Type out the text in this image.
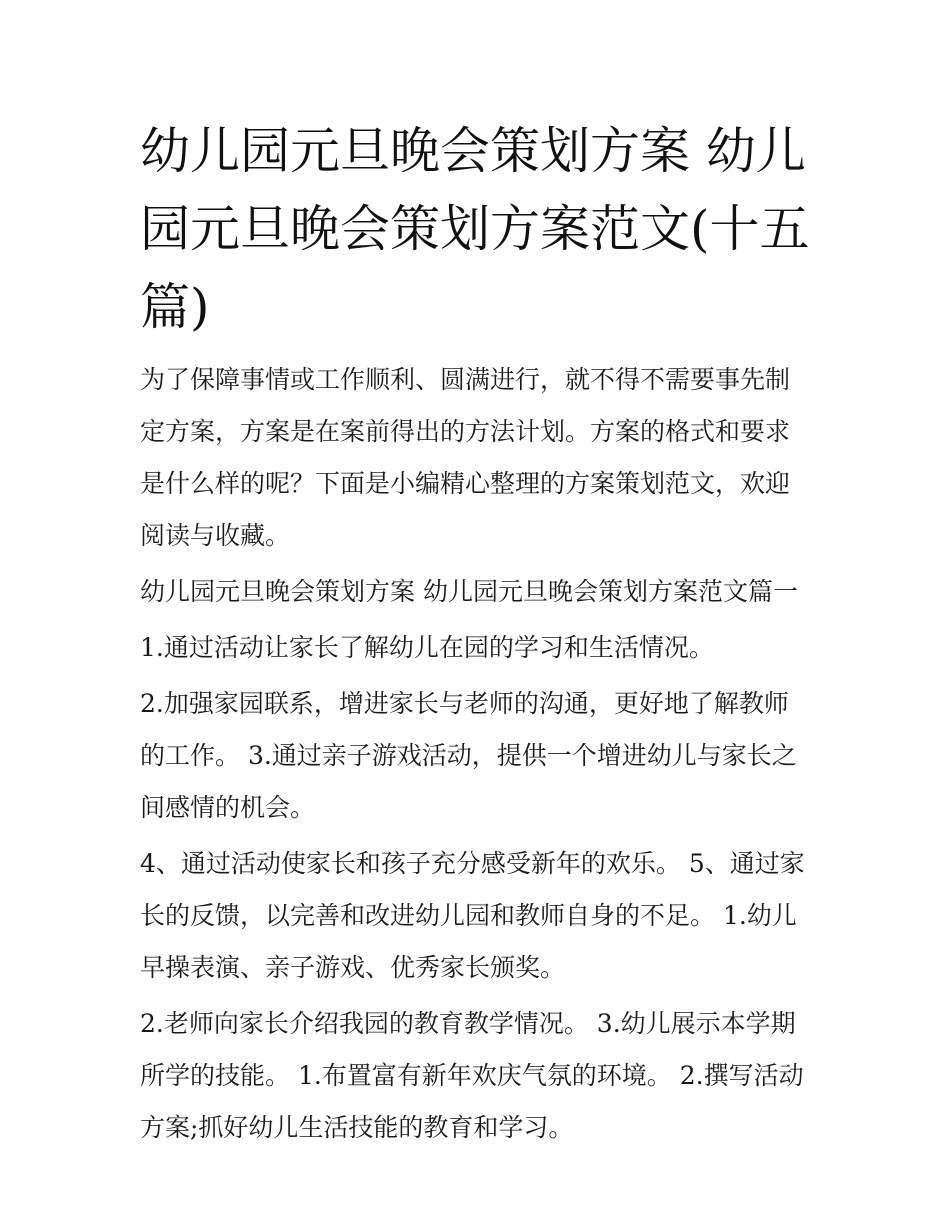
幼儿园元旦晚会策划方案 幼儿园元旦晚会策划方案范文(十五篇)

为了保障事情或工作顺利、圆满进行，就不得不需要事先制定方案，方案是在案前得出的方法计划。方案的格式和要求是什么样的呢？下面是小编精心整理的方案策划范文，欢迎阅读与收藏。

幼儿园元旦晚会策划方案 幼儿园元旦晚会策划方案范文篇一

1.通过活动让家长了解幼儿在园的学习和生活情况。

2.加强家园联系，增进家长与老师的沟通，更好地了解教师的工作。 3.通过亲子游戏活动，提供一个增进幼儿与家长之间感情的机会。

4、通过活动使家长和孩子充分感受新年的欢乐。 5、通过家长的反馈，以完善和改进幼儿园和教师自身的不足。 1.幼儿早操表演、亲子游戏、优秀家长颁奖。

2.老师向家长介绍我园的教育教学情况。 3.幼儿展示本学期所学的技能。 1.布置富有新年欢庆气氛的环境。 2.撰写活动方案;抓好幼儿生活技能的教育和学习。
